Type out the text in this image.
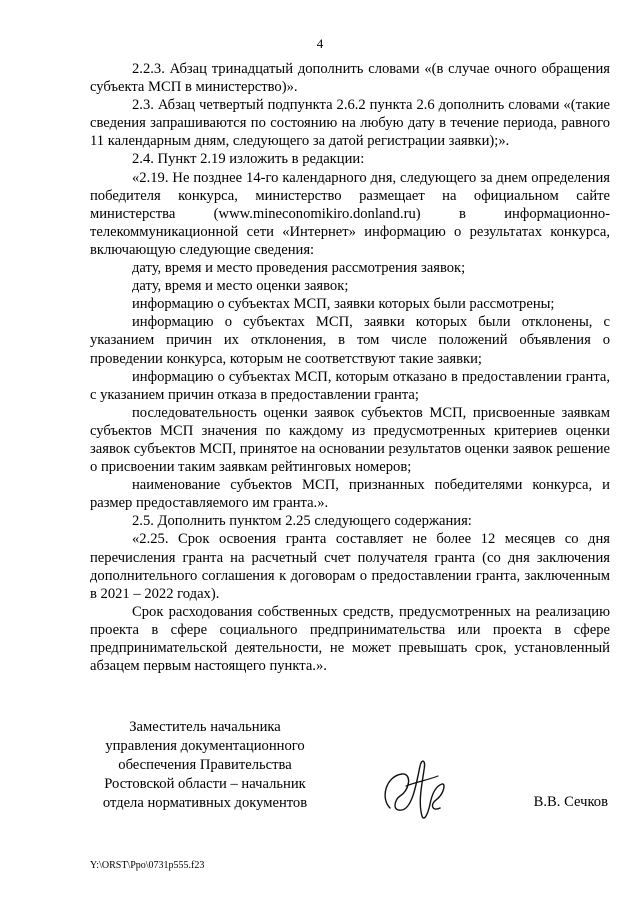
4

2.2.3. Абзац тринадцатый дополнить словами «(в случае очного обращения субъекта МСП в министерство)».

2.3. Абзац четвертый подпункта 2.6.2 пункта 2.6 дополнить словами «(такие сведения запрашиваются по состоянию на любую дату в течение периода, равного 11 календарным дням, следующего за датой регистрации заявки);».

2.4. Пункт 2.19 изложить в редакции:

«2.19. Не позднее 14-го календарного дня, следующего за днем определения победителя конкурса, министерство размещает на официальном сайте министерства (www.mineconomikiro.donland.ru) в информационно-телекоммуникационной сети «Интернет» информацию о результатах конкурса, включающую следующие сведения:

дату, время и место проведения рассмотрения заявок;

дату, время и место оценки заявок;

информацию о субъектах МСП, заявки которых были рассмотрены;

информацию о субъектах МСП, заявки которых были отклонены, с указанием причин их отклонения, в том числе положений объявления о проведении конкурса, которым не соответствуют такие заявки;

информацию о субъектах МСП, которым отказано в предоставлении гранта, с указанием причин отказа в предоставлении гранта;

последовательность оценки заявок субъектов МСП, присвоенные заявкам субъектов МСП значения по каждому из предусмотренных критериев оценки заявок субъектов МСП, принятое на основании результатов оценки заявок решение о присвоении таким заявкам рейтинговых номеров;

наименование субъектов МСП, признанных победителями конкурса, и размер предоставляемого им гранта.».

2.5. Дополнить пунктом 2.25 следующего содержания:

«2.25. Срок освоения гранта составляет не более 12 месяцев со дня перечисления гранта на расчетный счет получателя гранта (со дня заключения дополнительного соглашения к договорам о предоставлении гранта, заключенным в 2021 – 2022 годах).

Срок расходования собственных средств, предусмотренных на реализацию проекта в сфере социального предпринимательства или проекта в сфере предпринимательской деятельности, не может превышать срок, установленный абзацем первым настоящего пункта.».

Заместитель начальника
управления документационного
обеспечения Правительства
Ростовской области – начальник
отдела нормативных документов	В.В. Сечков
Y:\ORST\Ppo\0731p555.f23
